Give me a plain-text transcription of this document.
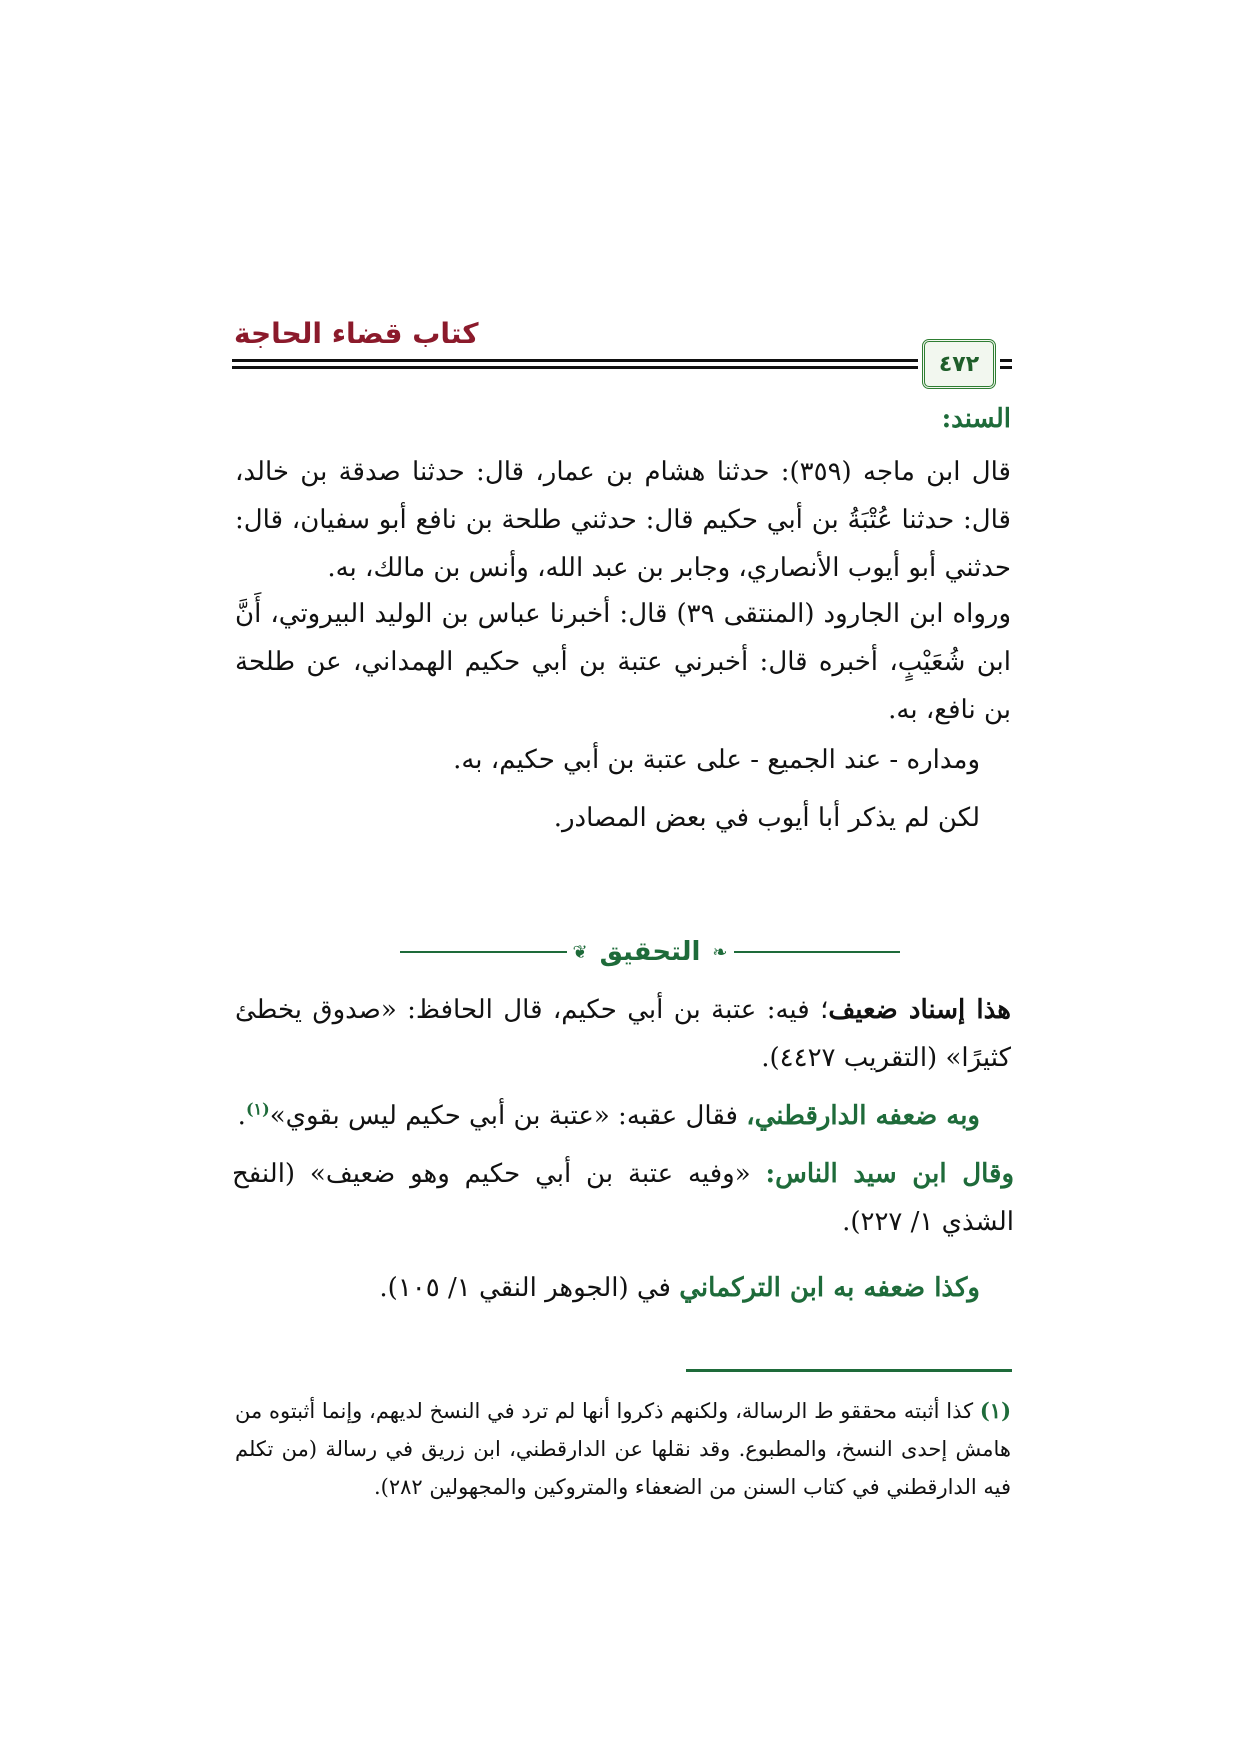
كتاب قضاء الحاجة
٤٧٢
السند:
قال ابن ماجه (٣٥٩): حدثنا هشام بن عمار، قال: حدثنا صدقة بن خالد، قال: حدثنا عُتْبَةُ بن أبي حكيم قال: حدثني طلحة بن نافع أبو سفيان، قال: حدثني أبو أيوب الأنصاري، وجابر بن عبد الله، وأنس بن مالك، به.
ورواه ابن الجارود (المنتقى ٣٩) قال: أخبرنا عباس بن الوليد البيروتي، أَنَّ ابن شُعَيْبٍ، أخبره قال: أخبرني عتبة بن أبي حكيم الهمداني، عن طلحة بن نافع، به.
ومداره - عند الجميع - على عتبة بن أبي حكيم، به.
لكن لم يذكر أبا أيوب في بعض المصادر.
❦ التحقيق ❧
هذا إسناد ضعيف؛ فيه: عتبة بن أبي حكيم، قال الحافظ: «صدوق يخطئ كثيرًا» (التقريب ٤٤٢٧).
وبه ضعفه الدارقطني، فقال عقبه: «عتبة بن أبي حكيم ليس بقوي»$^{(١)}$.
وقال ابن سيد الناس: «وفيه عتبة بن أبي حكيم وهو ضعيف» (النفح الشذي ١/ ٢٢٧).
وكذا ضعفه به ابن التركماني في (الجوهر النقي ١/ ١٠٥).
(١) كذا أثبته محققو ط الرسالة، ولكنهم ذكروا أنها لم ترد في النسخ لديهم، وإنما أثبتوه من هامش إحدى النسخ، والمطبوع. وقد نقلها عن الدارقطني، ابن زريق في رسالة (من تكلم فيه الدارقطني في كتاب السنن من الضعفاء والمتروكين والمجهولين ٢٨٢).
